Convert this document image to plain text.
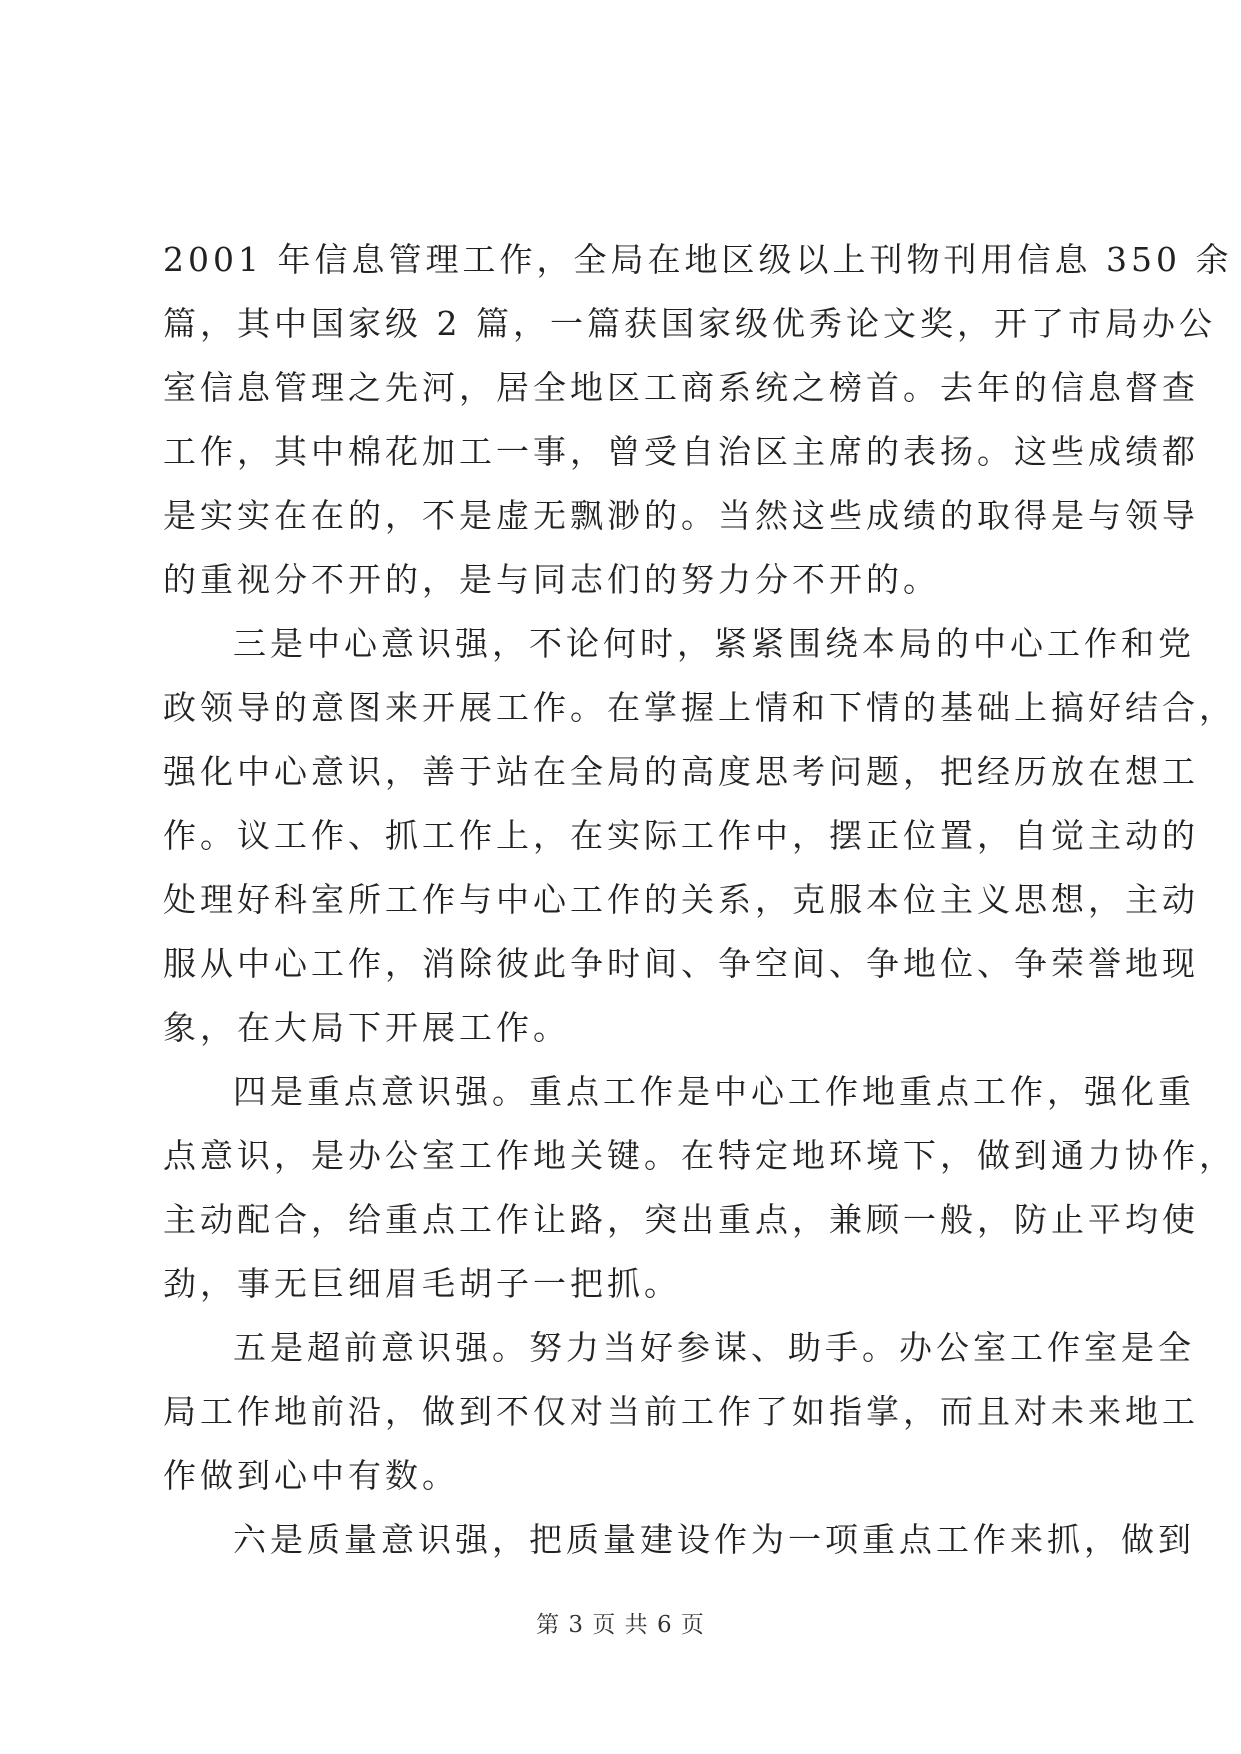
2001 年信息管理工作，全局在地区级以上刊物刊用信息 350 余
篇，其中国家级 2 篇，一篇获国家级优秀论文奖，开了市局办公
室信息管理之先河，居全地区工商系统之榜首。去年的信息督查
工作，其中棉花加工一事，曾受自治区主席的表扬。这些成绩都
是实实在在的，不是虚无飘渺的。当然这些成绩的取得是与领导
的重视分不开的，是与同志们的努力分不开的。
三是中心意识强，不论何时，紧紧围绕本局的中心工作和党
政领导的意图来开展工作。在掌握上情和下情的基础上搞好结合，
强化中心意识，善于站在全局的高度思考问题，把经历放在想工
作。议工作、抓工作上，在实际工作中，摆正位置，自觉主动的
处理好科室所工作与中心工作的关系，克服本位主义思想，主动
服从中心工作，消除彼此争时间、争空间、争地位、争荣誉地现
象，在大局下开展工作。
四是重点意识强。重点工作是中心工作地重点工作，强化重
点意识，是办公室工作地关键。在特定地环境下，做到通力协作，
主动配合，给重点工作让路，突出重点，兼顾一般，防止平均使
劲，事无巨细眉毛胡子一把抓。
五是超前意识强。努力当好参谋、助手。办公室工作室是全
局工作地前沿，做到不仅对当前工作了如指掌，而且对未来地工
作做到心中有数。
六是质量意识强，把质量建设作为一项重点工作来抓，做到
第 3 页 共 6 页
